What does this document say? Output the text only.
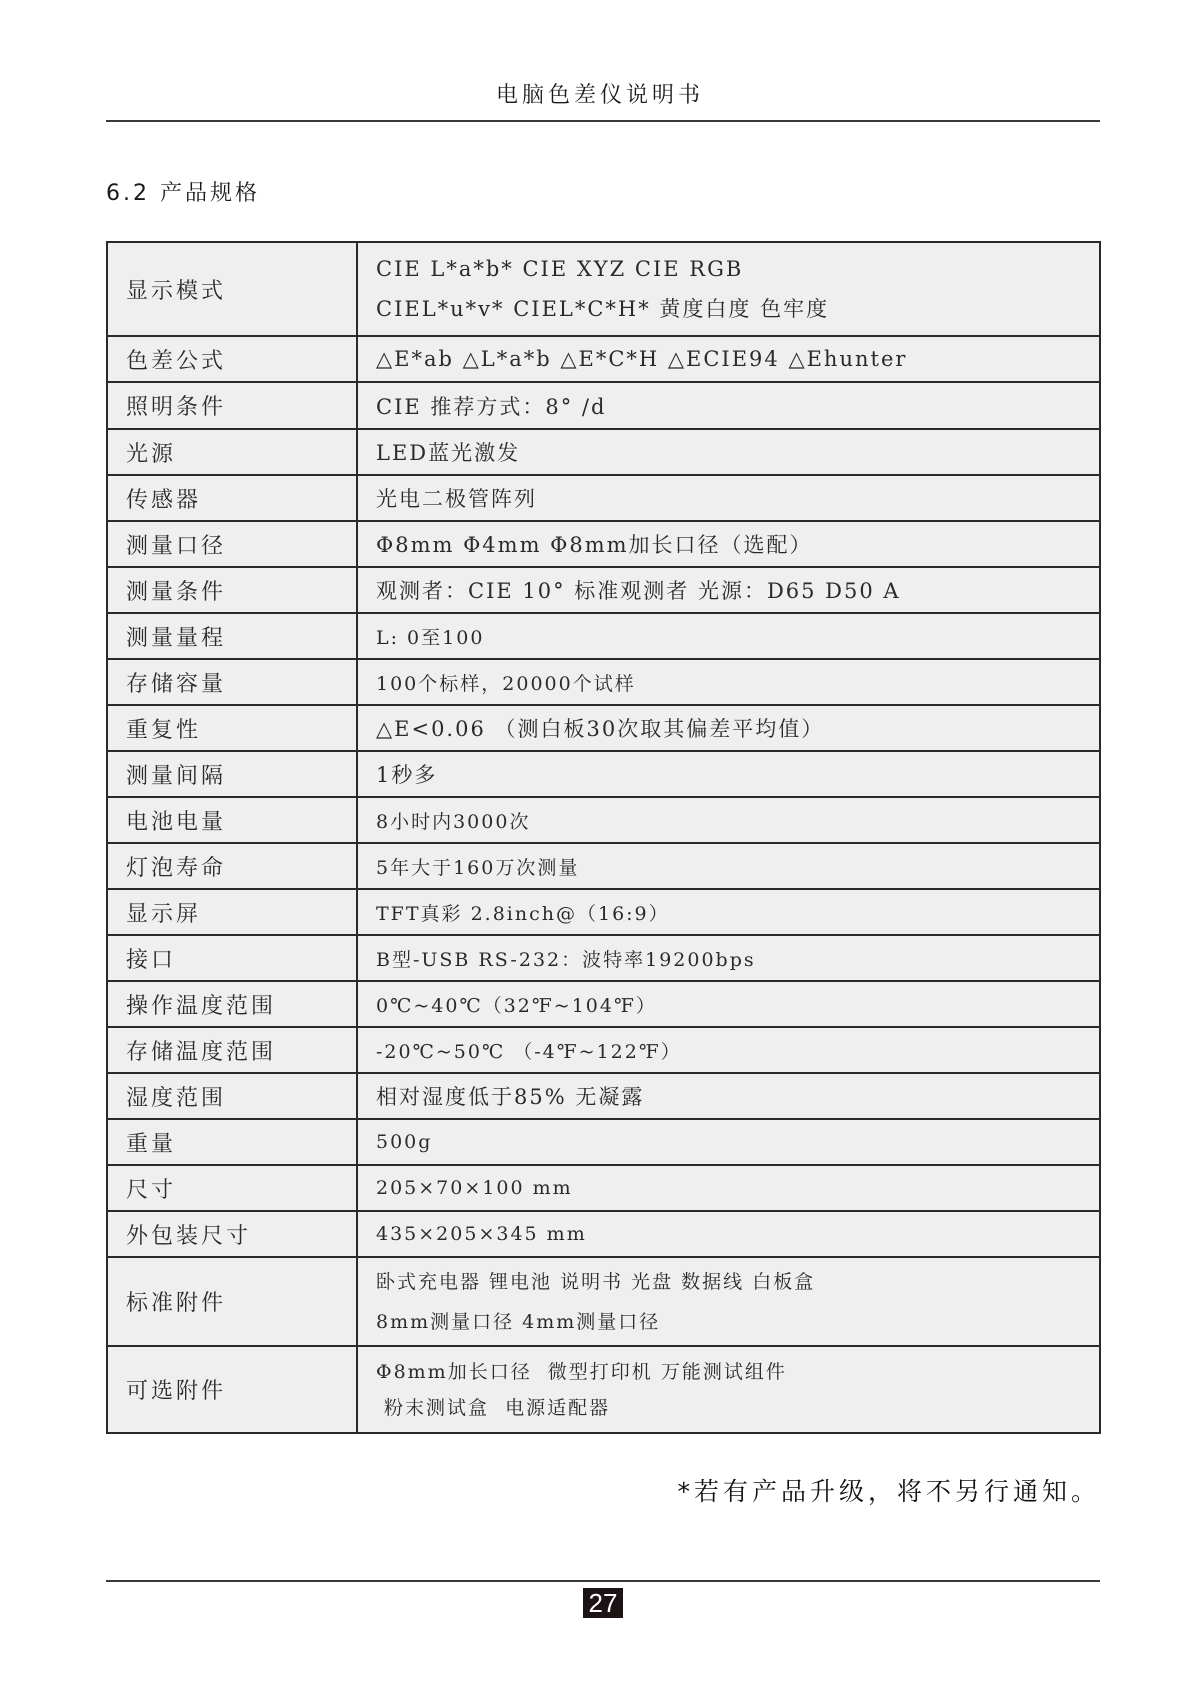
电脑色差仪说明书
6.2 产品规格
显示模式	CIE L*a*b* CIE XYZ CIE RGB
CIEL*u*v* CIEL*C*H* 黄度白度 色牢度

色差公式	△E*ab △L*a*b △E*C*H △ECIE94 △Ehunter
照明条件	CIE 推荐方式：8° /d
光源	LED蓝光激发
传感器	光电二极管阵列
测量口径	Φ8mm Φ4mm Φ8mm加长口径（选配）
测量条件	观测者：CIE 10° 标准观测者 光源：D65 D50 A
测量量程	L: 0至100
存储容量	100个标样，20000个试样
重复性	△E<0.06 （测白板30次取其偏差平均值）
测量间隔	1秒多
电池电量	8小时内3000次
灯泡寿命	5年大于160万次测量
显示屏	TFT真彩 2.8inch@（16:9）
接口	B型-USB RS-232：波特率19200bps
操作温度范围	0℃~40℃（32℉~104℉）
存储温度范围	-20℃~50℃ （-4℉~122℉）
湿度范围	相对湿度低于85% 无凝露
重量	500g
尺寸	205×70×100 mm
外包装尺寸	435×205×345 mm
标准附件	卧式充电器 锂电池 说明书 光盘 数据线 白板盒
8mm测量口径 4mm测量口径

可选附件	Φ8mm加长口径  微型打印机 万能测试组件
粉末测试盒  电源适配器
*若有产品升级，将不另行通知。
27
